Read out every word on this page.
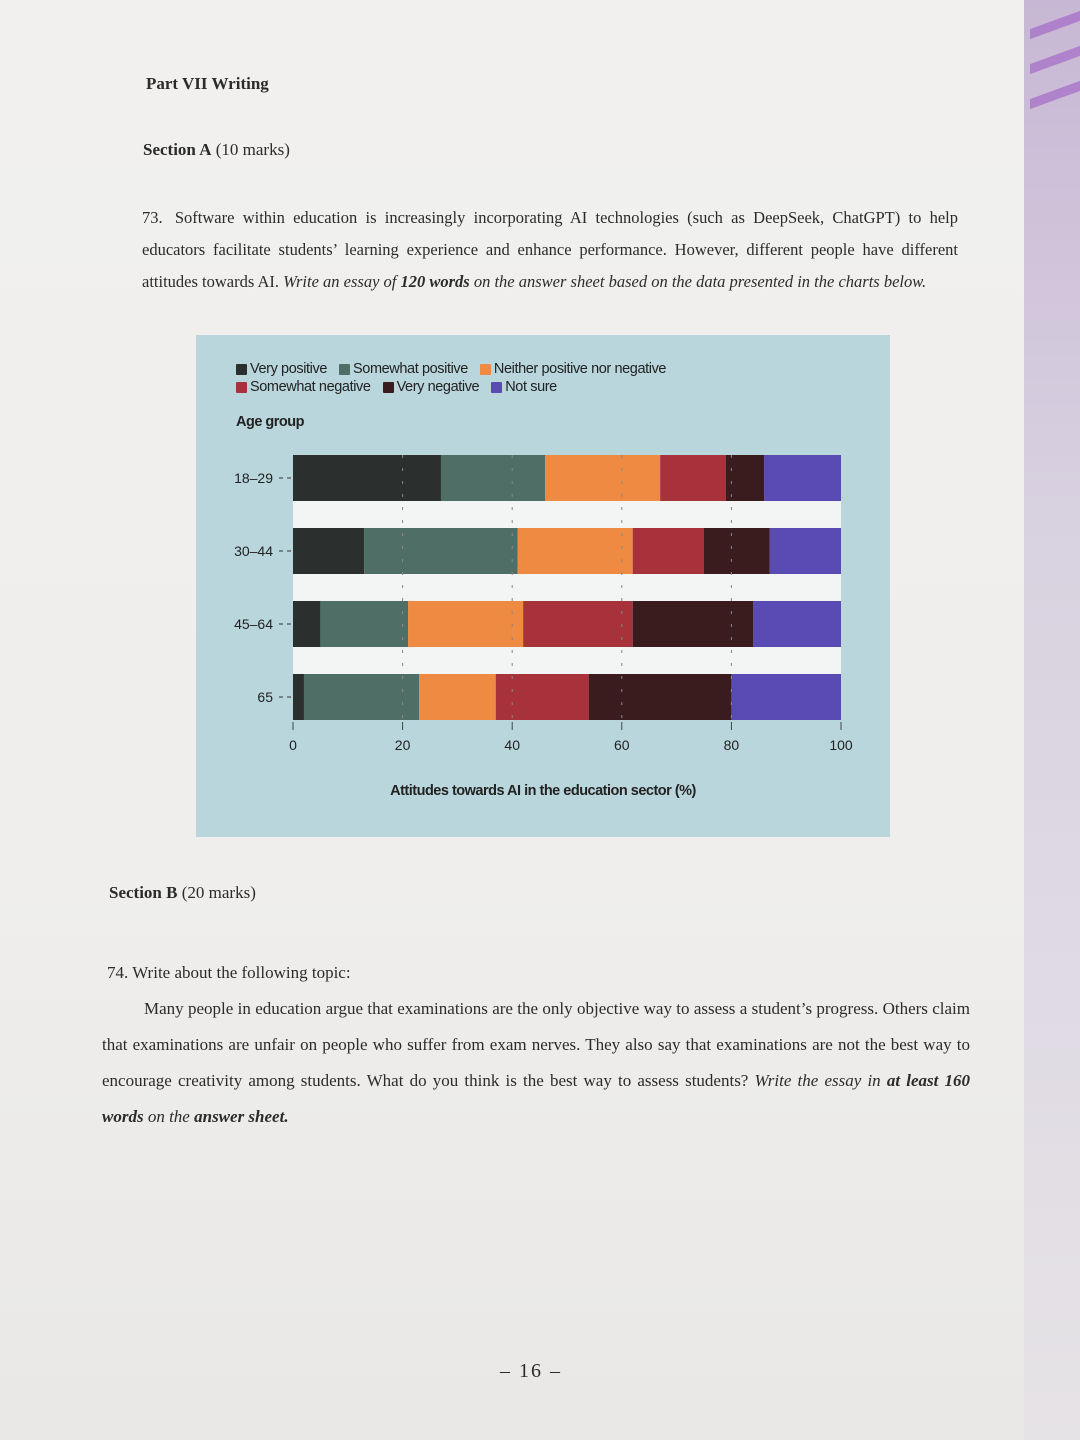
Part VII Writing
Section A (10 marks)
73. Software within education is increasingly incorporating AI technologies (such as DeepSeek, ChatGPT) to help educators facilitate students’ learning experience and enhance performance. However, different people have different attitudes towards AI. Write an essay of 120 words on the answer sheet based on the data presented in the charts below.
Very positive Somewhat positive Neither positive nor negative
Somewhat negative Very negative Not sure
Age group
18–29
30–44
45–64
65
0	20	40	60	80	100
Attitudes towards AI in the education sector (%)
Section B (20 marks)
74. Write about the following topic:
Many people in education argue that examinations are the only objective way to assess a student’s progress. Others claim that examinations are unfair on people who suffer from exam nerves. They also say that examinations are not the best way to encourage creativity among students. What do you think is the best way to assess students? Write the essay in at least 160 words on the answer sheet.
– 16 –
